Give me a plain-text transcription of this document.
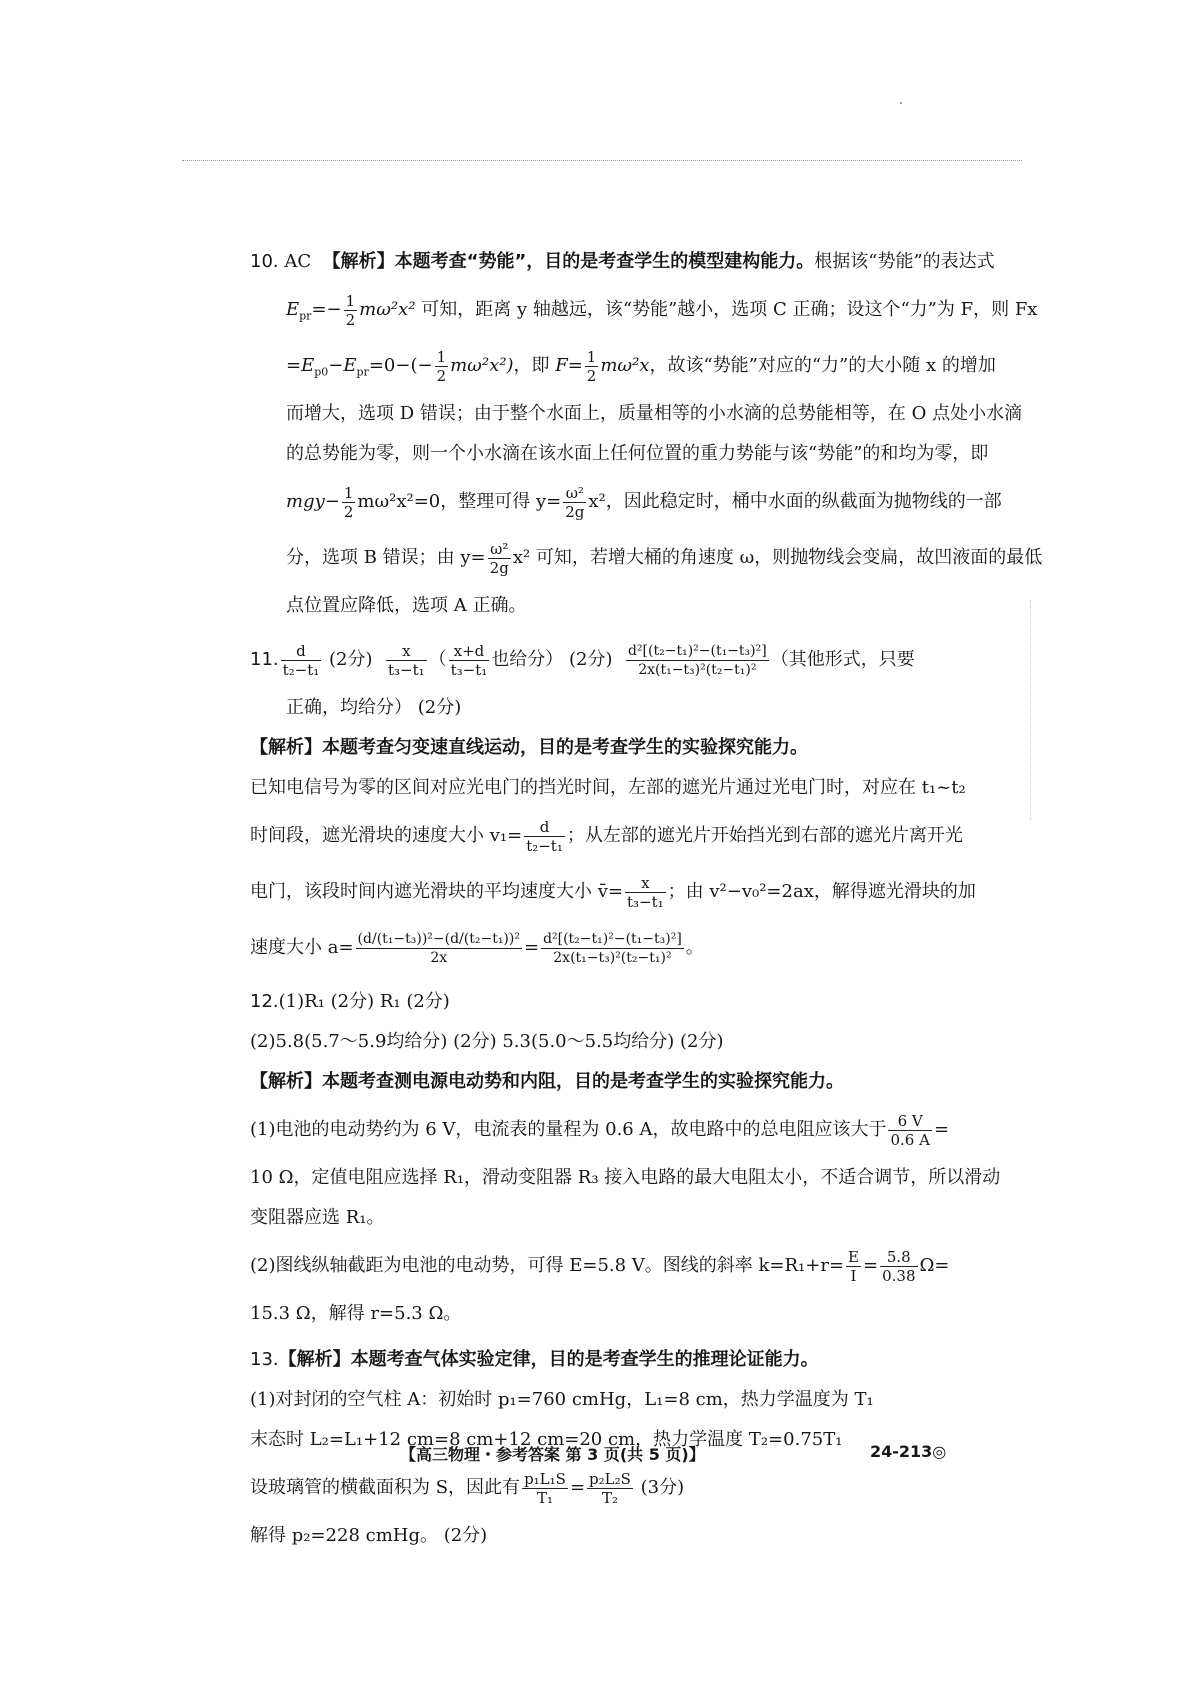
10. AC 【解析】本题考查“势能”，目的是考查学生的模型建构能力。根据该“势能”的表达式
$E_{pr}=- \frac{1}{2} m\omega^2x^2$ 可知，距离 y 轴越远，该“势能”越小，选项 C 正确；设这个“力”为 F，则 Fx
$=E_{p0}-E_{pr}=0-(- \frac{1}{2} m\omega^2x^2)$，即 $F= \frac{1}{2} m\omega^2x$，故该“势能”对应的“力”的大小随 x 的增加
而增大，选项 D 错误；由于整个水面上，质量相等的小水滴的总势能相等，在 O 点处小水滴
的总势能为零，则一个小水滴在该水面上任何位置的重力势能与该“势能”的和均为零，即
$mgy- \frac{1}{2} m\omega^2x^2=0$，整理可得 $y= \frac{\text{ω²}}{2g} x^2$，因此稳定时，桶中水面的纵截面为抛物线的一部
分，选项 B 错误；由 $y= \frac{\text{ω²}}{2g} x^2$ 可知，若增大桶的角速度 ω，则抛物线会变扁，故凹液面的最低
点位置应降低，选项 A 正确。
11. $\frac{d}{\text{t₂−t₁}} (2$分) $\frac{x}{\text{t₃−t₁}}$ （ $\frac{x+d}{\text{t₃−t₁}}$ 也给分） (2分) $\frac{\text{d²[(t₂−t₁)²−(t₁−t₃)²]}}{\text{2x(t₁−t₃)²(t₂−t₁)²}}$ （其他形式，只要
正确，均给分） (2分)
【解析】本题考查匀变速直线运动，目的是考查学生的实验探究能力。
已知电信号为零的区间对应光电门的挡光时间，左部的遮光片通过光电门时，对应在 t₁~t₂
时间段，遮光滑块的速度大小 $v_1= \frac{d}{\text{t₂−t₁}}$ ；从左部的遮光片开始挡光到右部的遮光片离开光
电门，该段时间内遮光滑块的平均速度大小 v̄= $\frac{x}{\text{t₃−t₁}}$ ；由 v²−v₀²=2ax，解得遮光滑块的加
速度大小 $a= \frac{\text{(d/(t₁−t₃))²−(d/(t₂−t₁))²}}{2x} = \frac{\text{d²[(t₂−t₁)²−(t₁−t₃)²]}}{\text{2x(t₁−t₃)²(t₂−t₁)²}}$ 。
12.(1)R₁ (2分) R₁ (2分)
(2)5.8(5.7～5.9均给分) (2分) 5.3(5.0～5.5均给分) (2分)
【解析】本题考查测电源电动势和内阻，目的是考查学生的实验探究能力。
(1)电池的电动势约为 6 V，电流表的量程为 0.6 A，故电路中的总电阻应该大于 $\frac{6 V}{0.6 A}$ =
10 Ω，定值电阻应选择 R₁，滑动变阻器 R₃ 接入电路的最大电阻太小，不适合调节，所以滑动
变阻器应选 R₁。
(2)图线纵轴截距为电池的电动势，可得 E=5.8 V。图线的斜率 $k=R_1+r= \frac{E}{I} = \frac{5.8}{0.38} \Omega=$
15.3 Ω，解得 r=5.3 Ω。
13.【解析】本题考查气体实验定律，目的是考查学生的推理论证能力。
(1)对封闭的空气柱 A：初始时 p₁=760 cmHg，L₁=8 cm，热力学温度为 T₁
末态时 L₂=L₁+12 cm=8 cm+12 cm=20 cm，热力学温度 T₂=0.75T₁
设玻璃管的横截面积为 S，因此有 $\frac{\text{p₁L₁S}}{\text{T₁}} = \frac{\text{p₂L₂S}}{\text{T₂}} (3$分)
解得 p₂=228 cmHg。 (2分)
【高三物理・参考答案 第 3 页(共 5 页)】	24-213◎
